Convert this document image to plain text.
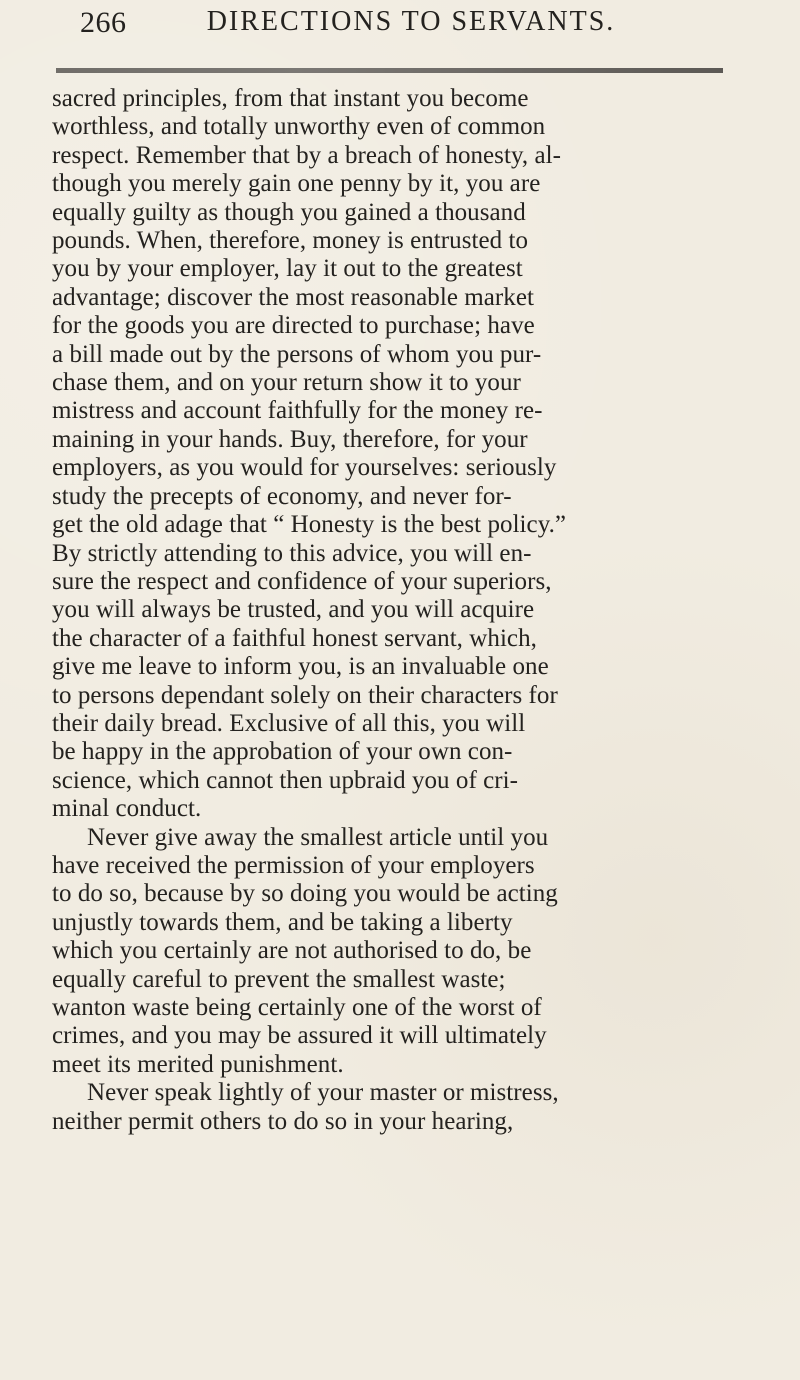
266	DIRECTIONS TO SERVANTS.

sacred principles, from that instant you become
worthless, and totally unworthy even of common
respect. Remember that by a breach of honesty, al-
though you merely gain one penny by it, you are
equally guilty as though you gained a thousand
pounds. When, therefore, money is entrusted to
you by your employer, lay it out to the greatest
advantage; discover the most reasonable market
for the goods you are directed to purchase; have
a bill made out by the persons of whom you pur-
chase them, and on your return show it to your
mistress and account faithfully for the money re-
maining in your hands. Buy, therefore, for your
employers, as you would for yourselves: seriously
study the precepts of economy, and never for-
get the old adage that “ Honesty is the best policy.”
By strictly attending to this advice, you will en-
sure the respect and confidence of your superiors,
you will always be trusted, and you will acquire
the character of a faithful honest servant, which,
give me leave to inform you, is an invaluable one
to persons dependant solely on their characters for
their daily bread. Exclusive of all this, you will
be happy in the approbation of your own con-
science, which cannot then upbraid you of cri-
minal conduct.

Never give away the smallest article until you
have received the permission of your employers
to do so, because by so doing you would be acting
unjustly towards them, and be taking a liberty
which you certainly are not authorised to do, be
equally careful to prevent the smallest waste;
wanton waste being certainly one of the worst of
crimes, and you may be assured it will ultimately
meet its merited punishment.

Never speak lightly of your master or mistress,
neither permit others to do so in your hearing,
